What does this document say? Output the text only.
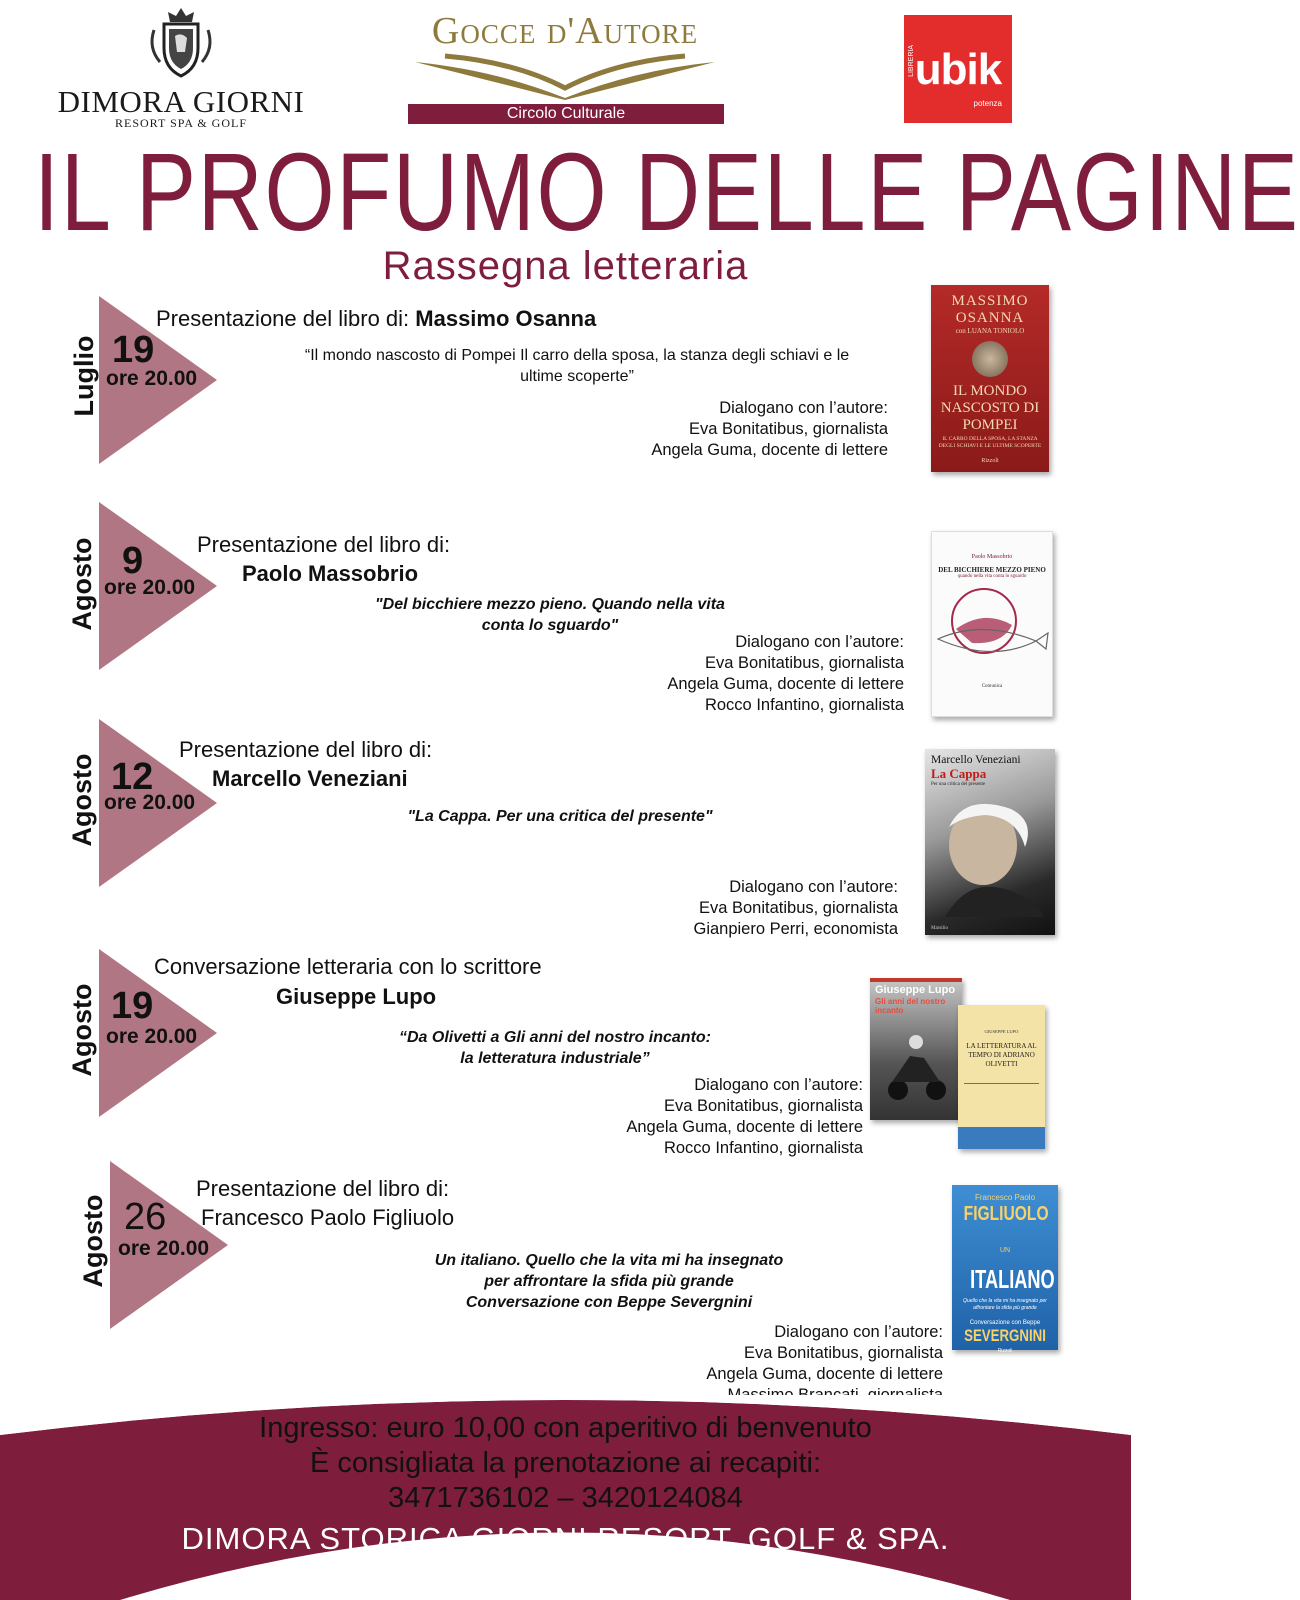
DIMORA GIORNI
RESORT SPA & GOLF
Gocce d'Autore
Circolo Culturale
LIBRERIA ubik
potenza
IL PROFUMO DELLE PAGINE
Rassegna letteraria
Luglio 19
ore 20.00
Presentazione del libro di: Massimo Osanna
“Il mondo nascosto di Pompei Il carro della sposa, la stanza degli schiavi e le
ultime scoperte”
Dialogano con l’autore:
Eva Bonitatibus, giornalista
Angela Guma, docente di lettere
MASSIMO OSANNA
con LUANA TONIOLO
IL MONDO NASCOSTO DI POMPEI
IL CARRO DELLA SPOSA, LA STANZA DEGLI SCHIAVI E LE ULTIME SCOPERTE
Rizzoli
Agosto 9
ore 20.00
Presentazione del libro di:
Paolo Massobrio
"Del bicchiere mezzo pieno. Quando nella vita
conta lo sguardo"
Dialogano con l’autore:
Eva Bonitatibus, giornalista
Angela Guma, docente di lettere
Rocco Infantino, giornalista
Paolo Massobrio
DEL BICCHIERE MEZZO PIENO
quando nella vita conta lo sguardo
Comunica
Agosto 12
ore 20.00
Presentazione del libro di:
Marcello Veneziani
"La Cappa. Per una critica del presente"
Dialogano con l’autore:
Eva Bonitatibus, giornalista
Gianpiero Perri, economista
Marcello Veneziani
La Cappa
Per una critica del presente
Marsilio
Agosto 19
ore 20.00
Conversazione letteraria con lo scrittore
Giuseppe Lupo
“Da Olivetti a Gli anni del nostro incanto:
la letteratura industriale”
Dialogano con l’autore:
Eva Bonitatibus, giornalista
Angela Guma, docente di lettere
Rocco Infantino, giornalista
Giuseppe Lupo
Gli anni del nostro incanto
GIUSEPPE LUPO
LA LETTERATURA AL TEMPO DI ADRIANO OLIVETTI
Agosto 26
ore 20.00
Presentazione del libro di:
Francesco Paolo Figliuolo
Un italiano. Quello che la vita mi ha insegnato
per affrontare la sfida più grande
Conversazione con Beppe Severgnini
Dialogano con l’autore:
Eva Bonitatibus, giornalista
Angela Guma, docente di lettere
Francesco Paolo
FIGLIUOLO
UNITALIANO
Quello che la vita mi ha insegnato per affrontare la sfida più grande
Conversazione con Beppe
SEVERGNINI
Rizzoli
Ingresso: euro 10,00 con aperitivo di benvenuto
È consigliata la prenotazione ai recapiti:
3471736102 – 3420124084
DIMORA STORICA GIORNI RESORT, GOLF & SPA.
Via Umberto I 85010 Pignola (PZ)
